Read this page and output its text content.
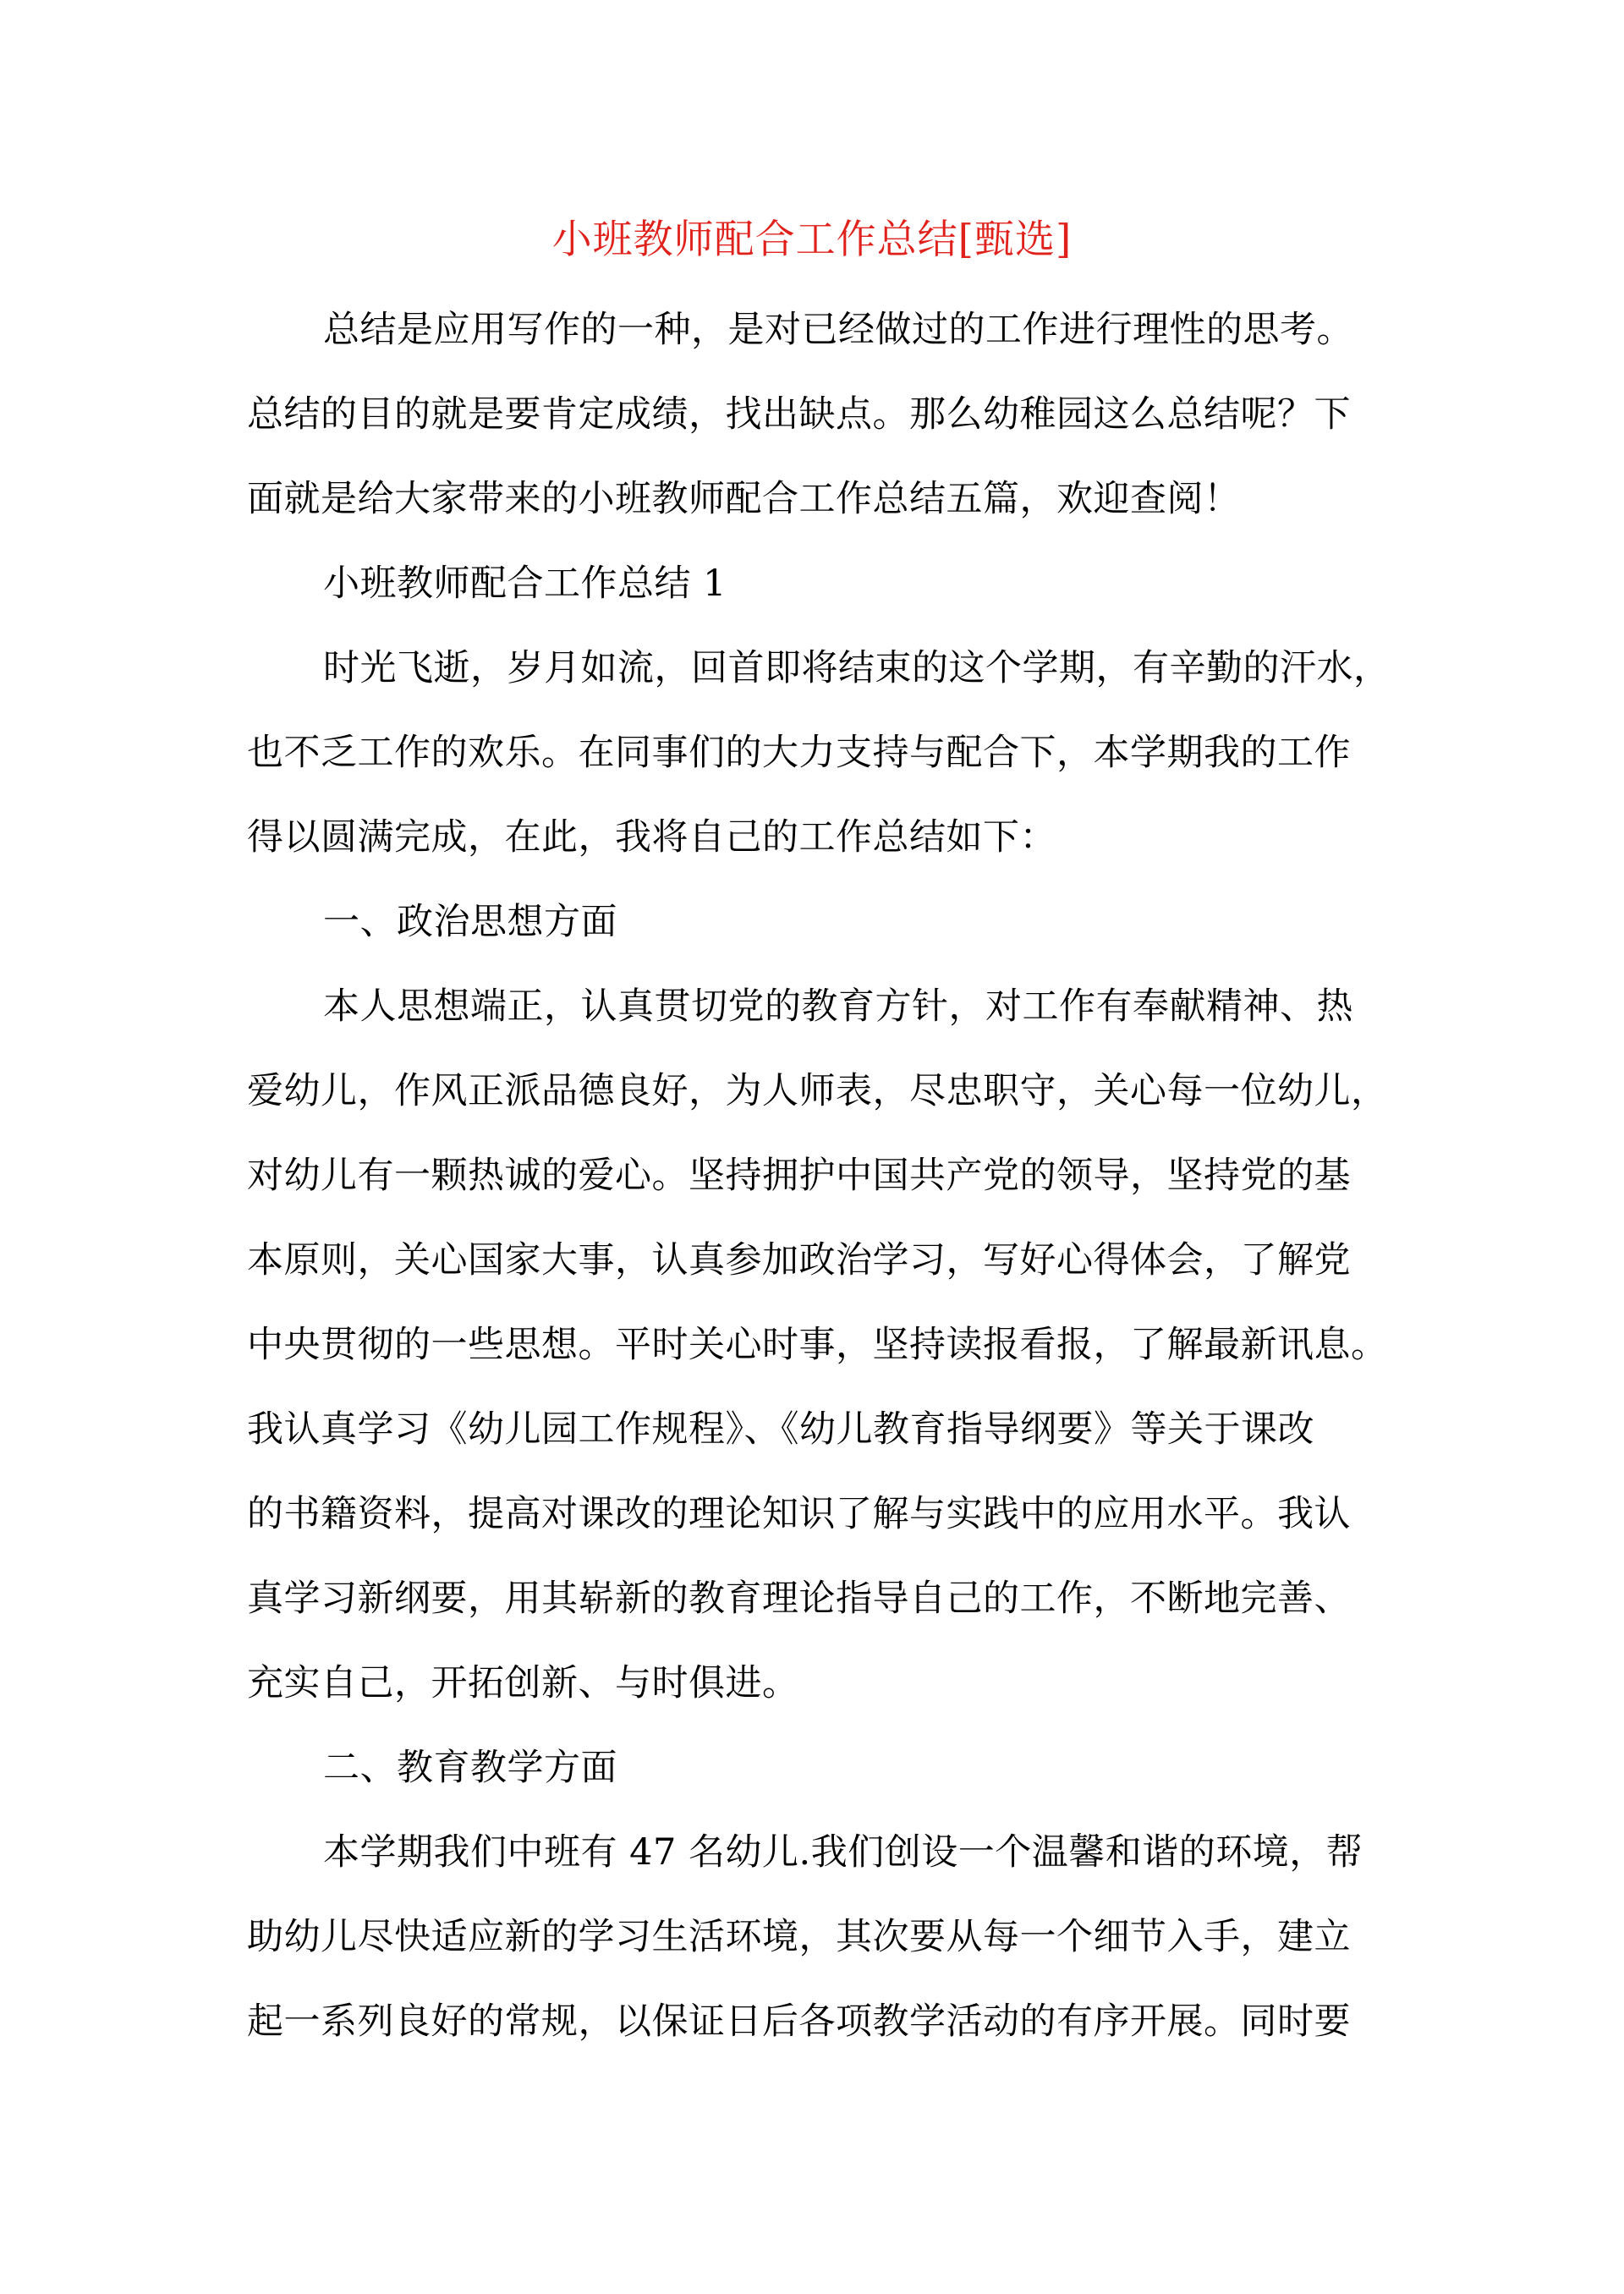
小班教师配合工作总结[甄选]
总结是应用写作的一种，是对已经做过的工作进行理性的思考。
总结的目的就是要肯定成绩，找出缺点。那么幼稚园这么总结呢？下
面就是给大家带来的小班教师配合工作总结五篇，欢迎查阅！
小班教师配合工作总结 1
时光飞逝，岁月如流，回首即将结束的这个学期，有辛勤的汗水，
也不乏工作的欢乐。在同事们的大力支持与配合下，本学期我的工作
得以圆满完成，在此，我将自己的工作总结如下：
一、政治思想方面
本人思想端正，认真贯切党的教育方针，对工作有奉献精神、热
爱幼儿，作风正派品德良好，为人师表，尽忠职守，关心每一位幼儿，
对幼儿有一颗热诚的爱心。坚持拥护中国共产党的领导，坚持党的基
本原则，关心国家大事，认真参加政治学习，写好心得体会，了解党
中央贯彻的一些思想。平时关心时事，坚持读报看报，了解最新讯息。
我认真学习《幼儿园工作规程》、《幼儿教育指导纲要》等关于课改
的书籍资料，提高对课改的理论知识了解与实践中的应用水平。我认
真学习新纲要，用其崭新的教育理论指导自己的工作，不断地完善、
充实自己，开拓创新、与时俱进。
二、教育教学方面
本学期我们中班有 47 名幼儿.我们创设一个温馨和谐的环境，帮
助幼儿尽快适应新的学习生活环境，其次要从每一个细节入手，建立
起一系列良好的常规，以保证日后各项教学活动的有序开展。同时要
